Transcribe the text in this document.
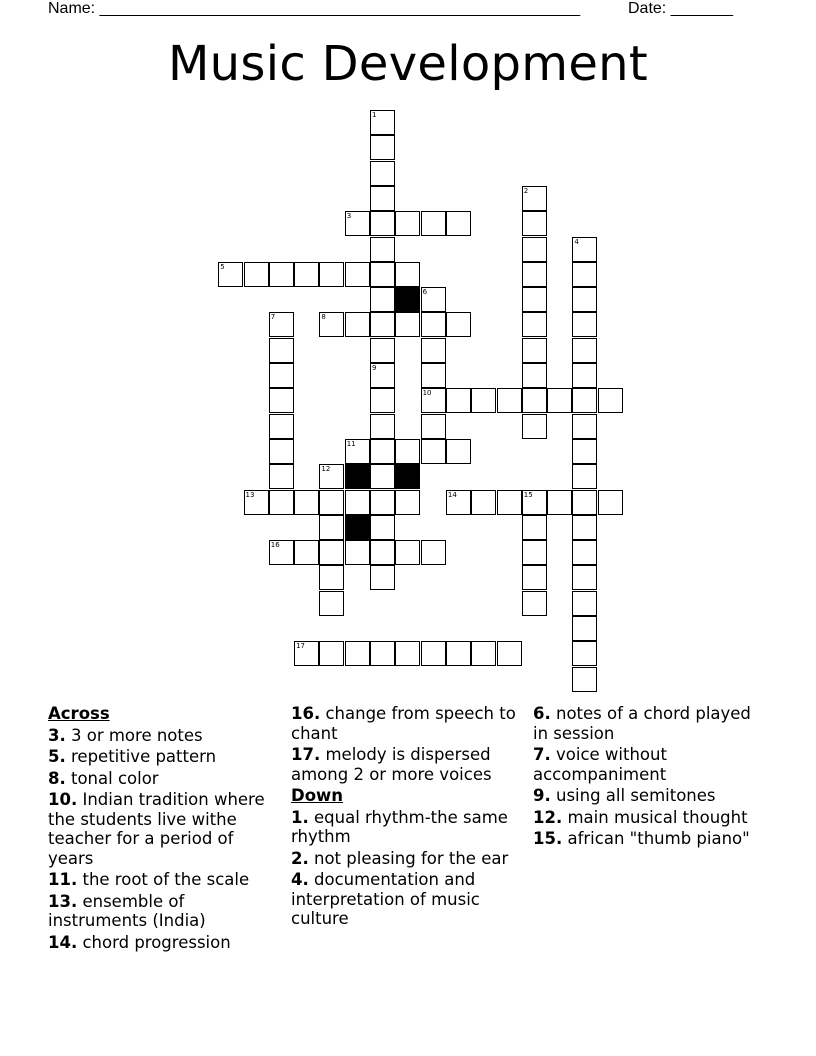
Name: ______________________________________________________	Date: _______
Music Development
1
9
2
3
4
5
6
10
7	8
11
12
13	14	15
16
17
Across
3. 3 or more notes
5. repetitive pattern
8. tonal color
10. Indian tradition where the students live withe teacher for a period of years
11. the root of the scale
13. ensemble of instruments (India)
14. chord progression
16. change from speech to chant
17. melody is dispersed among 2 or more voices
Down
1. equal rhythm-the same rhythm
2. not pleasing for the ear
4. documentation and interpretation of music culture
6. notes of a chord played in session
7. voice without accompaniment
9. using all semitones
12. main musical thought
15. african "thumb piano"
